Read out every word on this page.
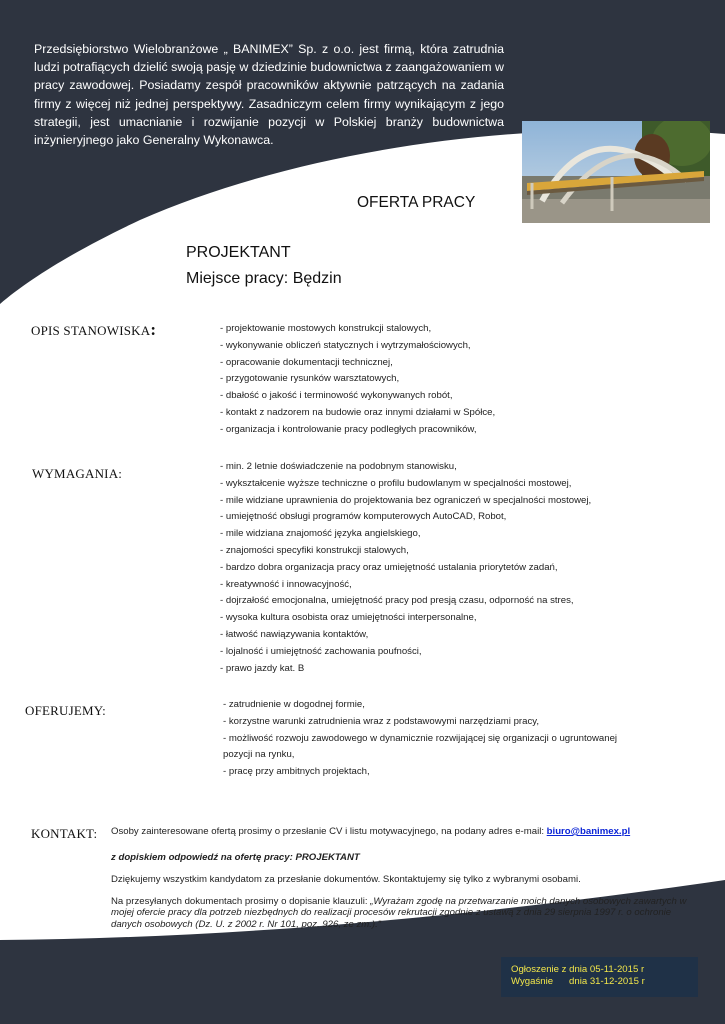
Przedsiębiorstwo Wielobranżowe „ BANIMEX” Sp. z o.o. jest firmą, która zatrudnia ludzi potrafiących dzielić swoją pasję w dziedzinie budownictwa z zaangażowaniem w pracy zawodowej. Posiadamy zespół pracowników aktywnie patrzących na zadania firmy z więcej niż jednej perspektywy. Zasadniczym celem firmy wynikającym z jego strategii, jest umacnianie i rozwijanie pozycji w Polskiej branży budownictwa inżynieryjnego jako Generalny Wykonawca.

OFERTA PRACY
PROJEKTANT
Miejsce pracy: Będzin
OPIS STANOWISKA:	- projektowanie mostowych konstrukcji stalowych,
- wykonywanie obliczeń statycznych i wytrzymałościowych,
- opracowanie dokumentacji technicznej,
- przygotowanie rysunków warsztatowych,
- dbałość o jakość i terminowość wykonywanych robót,
- kontakt z nadzorem na budowie oraz innymi działami w Spółce,
- organizacja i kontrolowanie pracy podległych pracowników,
WYMAGANIA:	- min. 2 letnie doświadczenie na podobnym stanowisku,
- wykształcenie wyższe techniczne o profilu budowlanym w specjalności mostowej,
- mile widziane uprawnienia do projektowania bez ograniczeń w specjalności mostowej,
- umiejętność obsługi programów komputerowych AutoCAD, Robot,
- mile widziana znajomość języka angielskiego,
- znajomości specyfiki konstrukcji stalowych,
- bardzo dobra organizacja pracy oraz umiejętność ustalania priorytetów zadań,
- kreatywność i innowacyjność,
- dojrzałość emocjonalna, umiejętność pracy pod presją czasu, odporność na stres,
- wysoka kultura osobista oraz umiejętności interpersonalne,
- łatwość nawiązywania kontaktów,
- lojalność i umiejętność zachowania poufności,
- prawo jazdy kat. B
OFERUJEMY:	- zatrudnienie w dogodnej formie,
- korzystne warunki zatrudnienia wraz z podstawowymi narzędziami pracy,
- możliwość rozwoju zawodowego w dynamicznie rozwijającej się organizacji o ugruntowanej
pozycji na rynku,
- pracę przy ambitnych projektach,
KONTAKT: Osoby zainteresowane ofertą prosimy o przesłanie CV i listu motywacyjnego, na podany adres e-mail: biuro@banimex.pl
z dopiskiem odpowiedź na ofertę pracy: PROJEKTANT
Dziękujemy wszystkim kandydatom za przesłanie dokumentów. Skontaktujemy się tylko z wybranymi osobami.
Na przesyłanych dokumentach prosimy o dopisanie klauzuli: „Wyrażam zgodę na przetwarzanie moich danych osobowych zawartych w mojej ofercie pracy dla potrzeb niezbędnych do realizacji procesów rekrutacji zgodnie z ustawą z dnia 29 sierpnia 1997 r. o ochronie danych osobowych (Dz. U. z 2002 r. Nr 101, poz. 926, ze zm.).”
Ogłoszenie z dnia 05-11-2015 r
Wygaśnie      dnia 31-12-2015 r
